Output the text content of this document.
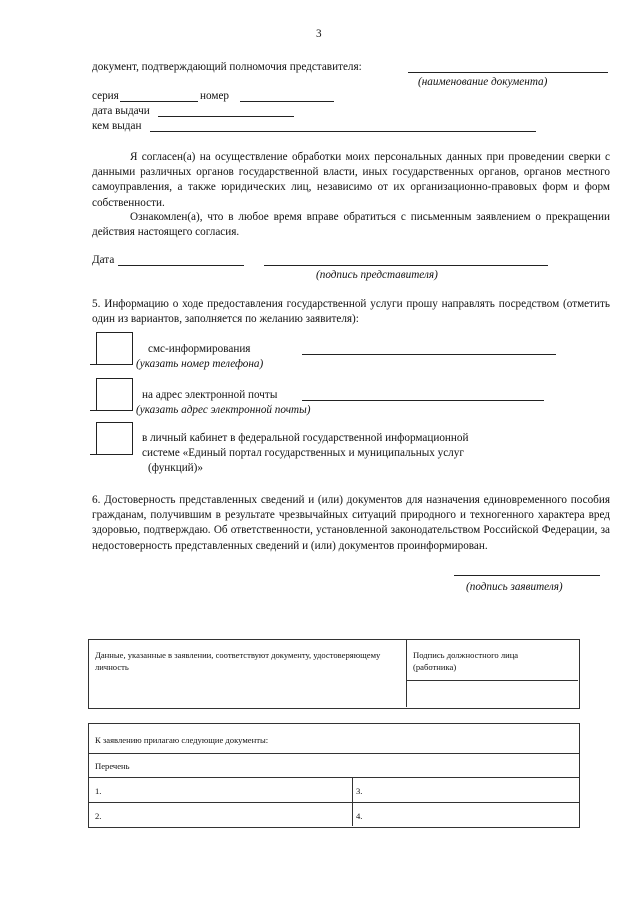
3
документ, подтверждающий полномочия представителя:
(наименование документа)
серия	номер
дата выдачи
кем выдан
Я согласен(а) на осуществление обработки моих персональных данных при проведении сверки с данными различных органов государственной власти, иных государственных органов, органов местного самоуправления, а также юридических лиц, независимо от их организационно-правовых форм и форм собственности.
Ознакомлен(а), что в любое время вправе обратиться с письменным заявлением о прекращении действия настоящего согласия.
Дата
(подпись представителя)
5. Информацию о ходе предоставления государственной услуги прошу направлять посредством (отметить один из вариантов, заполняется по желанию заявителя):
смс-информирования
(указать номер телефона)
на адрес электронной почты
(указать адрес электронной почты)
в личный кабинет в федеральной государственной информационной
системе «Единый портал государственных и муниципальных услуг
(функций)»
6. Достоверность представленных сведений и (или) документов для назначения единовременного пособия гражданам, получившим в результате чрезвычайных ситуаций природного и техногенного характера вред здоровью, подтверждаю. Об ответственности, установленной законодательством Российской Федерации, за недостоверность представленных сведений и (или) документов проинформирован.
(подпись заявителя)
Данные, указанные в заявлении, соответствуют документу, удостоверяющему личность
Подпись должностного лица (работника)
К заявлению прилагаю следующие документы:
Перечень
1.	3.
2.	4.
